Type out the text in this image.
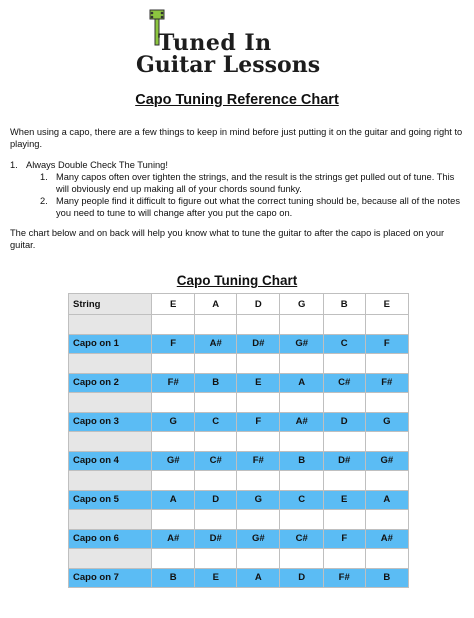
Tuned In
Guitar Lessons
Capo Tuning Reference Chart
When using a capo, there are a few things to keep in mind before just putting it on the guitar and going right to playing.
1. Always Double Check The Tuning!
1. Many capos often over tighten the strings, and the result is the strings get pulled out of tune. This will obviously end up making all of your chords sound funky.
2. Many people find it difficult to figure out what the correct tuning should be, because all of the notes you need to tune to will change after you put the capo on.
The chart below and on back will help you know what to tune the guitar to after the capo is placed on your guitar.
Capo Tuning Chart
String	E	A	D	G	B	E

Capo on 1	F	A#	D#	G#	C	F

Capo on 2	F#	B	E	A	C#	F#

Capo on 3	G	C	F	A#	D	G

Capo on 4	G#	C#	F#	B	D#	G#

Capo on 5	A	D	G	C	E	A

Capo on 6	A#	D#	G#	C#	F	A#

Capo on 7	B	E	A	D	F#	B
